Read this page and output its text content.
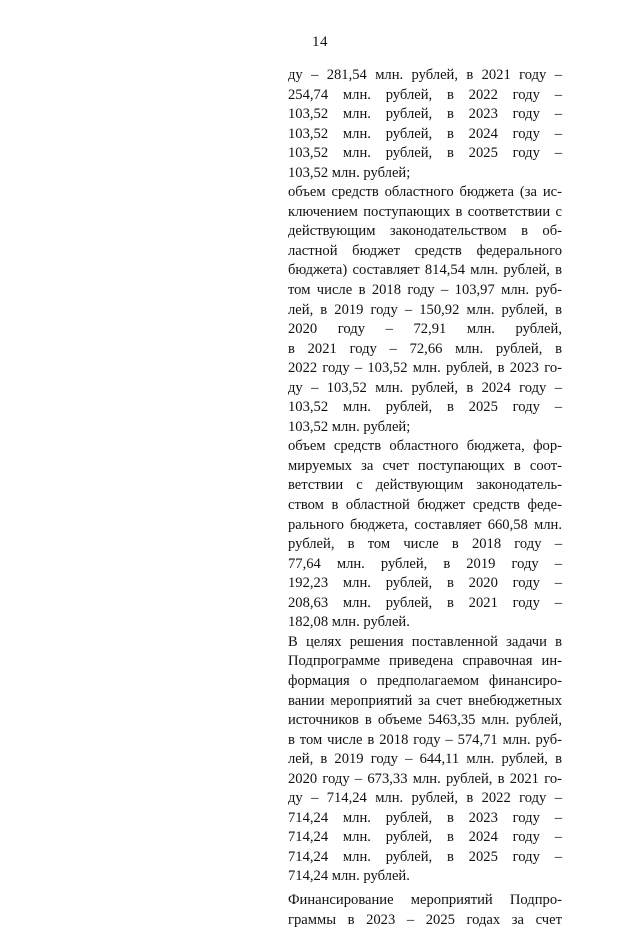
14
ду – 281,54 млн. рублей, в 2021 году –
254,74 млн. рублей, в 2022 году –
103,52 млн. рублей, в 2023 году –
103,52 млн. рублей, в 2024 году –
103,52 млн. рублей, в 2025 году –
103,52 млн. рублей;
объем средств областного бюджета (за ис-
ключением поступающих в соответствии с
действующим законодательством в об-
ластной бюджет средств федерального
бюджета) составляет 814,54 млн. рублей, в
том числе в 2018 году – 103,97 млн. руб-
лей, в 2019 году – 150,92 млн. рублей, в
2020 году – 72,91 млн. рублей,
в 2021 году – 72,66 млн. рублей, в
2022 году – 103,52 млн. рублей, в 2023 го-
ду – 103,52 млн. рублей, в 2024 году –
103,52 млн. рублей, в 2025 году –
103,52 млн. рублей;
объем средств областного бюджета, фор-
мируемых за счет поступающих в соот-
ветствии с действующим законодатель-
ством в областной бюджет средств феде-
рального бюджета, составляет 660,58 млн.
рублей, в том числе в 2018 году –
77,64 млн. рублей, в 2019 году –
192,23 млн. рублей, в 2020 году –
208,63 млн. рублей, в 2021 году –
182,08 млн. рублей.
В целях решения поставленной задачи в
Подпрограмме приведена справочная ин-
формация о предполагаемом финансиро-
вании мероприятий за счет внебюджетных
источников в объеме 5463,35 млн. рублей,
в том числе в 2018 году – 574,71 млн. руб-
лей, в 2019 году – 644,11 млн. рублей, в
2020 году – 673,33 млн. рублей, в 2021 го-
ду – 714,24 млн. рублей, в 2022 году –
714,24 млн. рублей, в 2023 году –
714,24 млн. рублей, в 2024 году –
714,24 млн. рублей, в 2025 году –
714,24 млн. рублей.
Финансирование мероприятий Подпро-
граммы в 2023 – 2025 годах за счет
